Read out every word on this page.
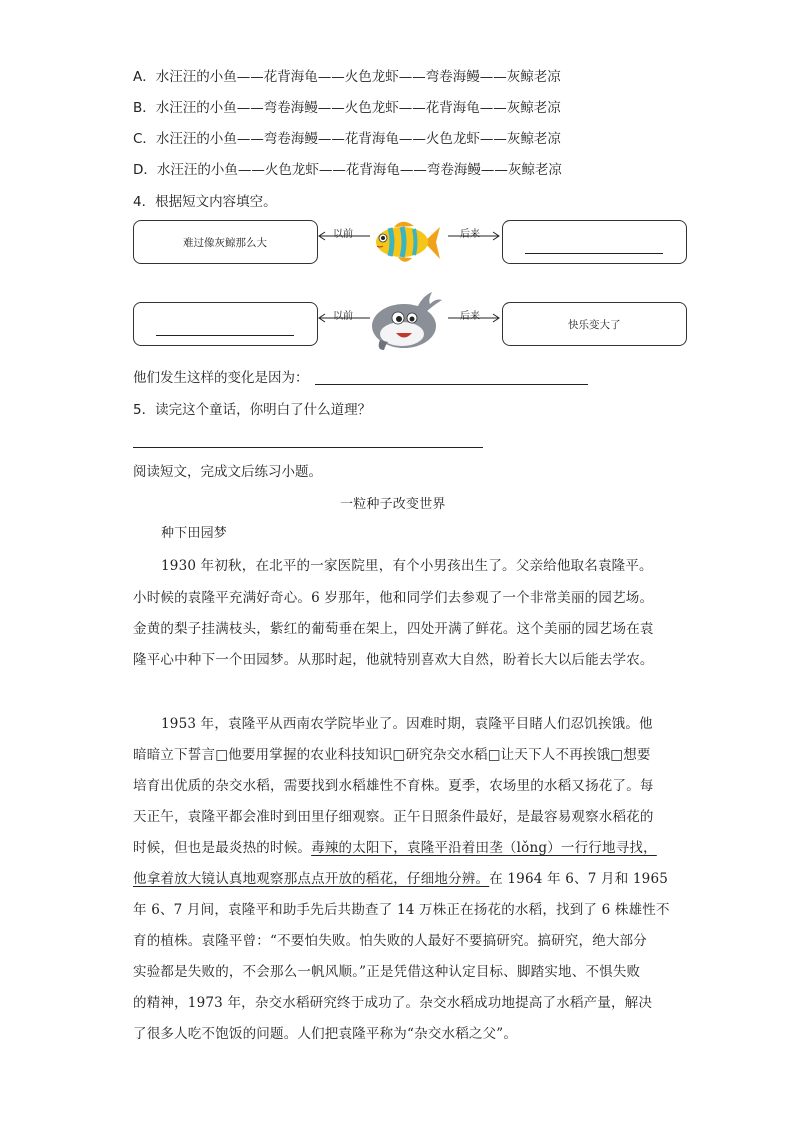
A．水汪汪的小鱼——花背海龟——火色龙虾——弯卷海鳗——灰鲸老凉
B．水汪汪的小鱼——弯卷海鳗——火色龙虾——花背海龟——灰鲸老凉
C．水汪汪的小鱼——弯卷海鳗——花背海龟——火色龙虾——灰鲸老凉
D．水汪汪的小鱼——火色龙虾——花背海龟——弯卷海鳗——灰鲸老凉
4．根据短文内容填空。
难过像灰鲸那么大
以前	后来
以前	后来
快乐变大了
他们发生这样的变化是因为：
5．读完这个童话，你明白了什么道理？
阅读短文，完成文后练习小题。
一粒种子改变世界
种下田园梦
1930 年初秋，在北平的一家医院里，有个小男孩出生了。父亲给他取名袁隆平。
小时候的袁隆平充满好奇心。6 岁那年，他和同学们去参观了一个非常美丽的园艺场。
金黄的梨子挂满枝头，紫红的葡萄垂在架上，四处开满了鲜花。这个美丽的园艺场在袁
隆平心中种下一个田园梦。从那时起，他就特别喜欢大自然，盼着长大以后能去学农。
1953 年，袁隆平从西南农学院毕业了。因难时期，袁隆平目睹人们忍饥挨饿。他
暗暗立下誓言□他要用掌握的农业科技知识□研究杂交水稻□让天下人不再挨饿□想要
培育出优质的杂交水稻，需要找到水稻雄性不育株。夏季，农场里的水稻又扬花了。每
天正午，袁隆平都会准时到田里仔细观察。正午日照条件最好，是最容易观察水稻花的
时候，但也是最炎热的时候。毒辣的太阳下，袁隆平沿着田垄（lǒng）一行行地寻找，
他拿着放大镜认真地观察那点点开放的稻花，仔细地分辨。在 1964 年 6、7 月和 1965
年 6、7 月间，袁隆平和助手先后共勘查了 14 万株正在扬花的水稻，找到了 6 株雄性不
育的植株。袁隆平曾：“不要怕失败。怕失败的人最好不要搞研究。搞研究，绝大部分
实验都是失败的，不会那么一帆风顺。”正是凭借这种认定目标、脚踏实地、不惧失败
的精神，1973 年，杂交水稻研究终于成功了。杂交水稻成功地提高了水稻产量，解决
了很多人吃不饱饭的问题。人们把袁隆平称为“杂交水稻之父”。
